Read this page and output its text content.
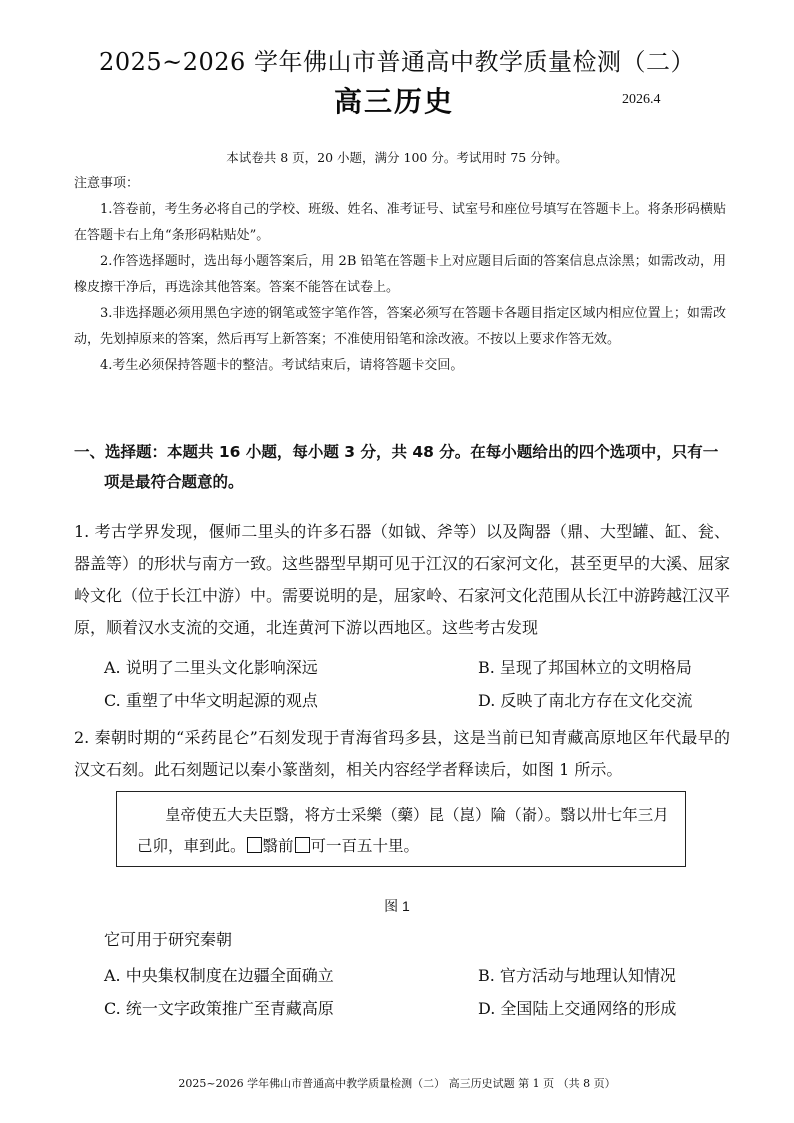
2025~2026 学年佛山市普通高中教学质量检测（二）
高三历史	2026.4
本试卷共 8 页，20 小题，满分 100 分。考试用时 75 分钟。

注意事项：

1.答卷前，考生务必将自己的学校、班级、姓名、准考证号、试室号和座位号填写在答题卡上。将条形码横贴在答题卡右上角“条形码粘贴处”。

2.作答选择题时，选出每小题答案后，用 2B 铅笔在答题卡上对应题目后面的答案信息点涂黑；如需改动，用橡皮擦干净后，再选涂其他答案。答案不能答在试卷上。

3.非选择题必须用黑色字迹的钢笔或签字笔作答，答案必须写在答题卡各题目指定区域内相应位置上；如需改动，先划掉原来的答案，然后再写上新答案；不准使用铅笔和涂改液。不按以上要求作答无效。

4.考生必须保持答题卡的整洁。考试结束后，请将答题卡交回。

一、选择题：本题共 16 小题，每小题 3 分，共 48 分。在每小题给出的四个选项中，只有一
项是最符合题意的。
1. 考古学界发现，偃师二里头的许多石器（如钺、斧等）以及陶器（鼎、大型罐、缸、瓮、器盖等）的形状与南方一致。这些器型早期可见于江汉的石家河文化，甚至更早的大溪、屈家岭文化（位于长江中游）中。需要说明的是，屈家岭、石家河文化范围从长江中游跨越江汉平原，顺着汉水支流的交通，北连黄河下游以西地区。这些考古发现
A. 说明了二里头文化影响深远	B. 呈现了邦国林立的文明格局
C. 重塑了中华文明起源的观点	D. 反映了南北方存在文化交流
2. 秦朝时期的“采药昆仑”石刻发现于青海省玛多县，这是当前已知青藏高原地区年代最早的汉文石刻。此石刻题记以秦小篆凿刻，相关内容经学者释读后，如图 1 所示。
皇帝使五大夫臣翳，将方士采樂（藥）昆（崑）陯（嵛）。翳以卅七年三月己卯，車到此。 翳前 可一百五十里。
图 1
它可用于研究秦朝
A. 中央集权制度在边疆全面确立	B. 官方活动与地理认知情况
C. 统一文字政策推广至青藏高原	D. 全国陆上交通网络的形成
2025~2026 学年佛山市普通高中教学质量检测（二） 高三历史试题 第 1 页 （共 8 页）
